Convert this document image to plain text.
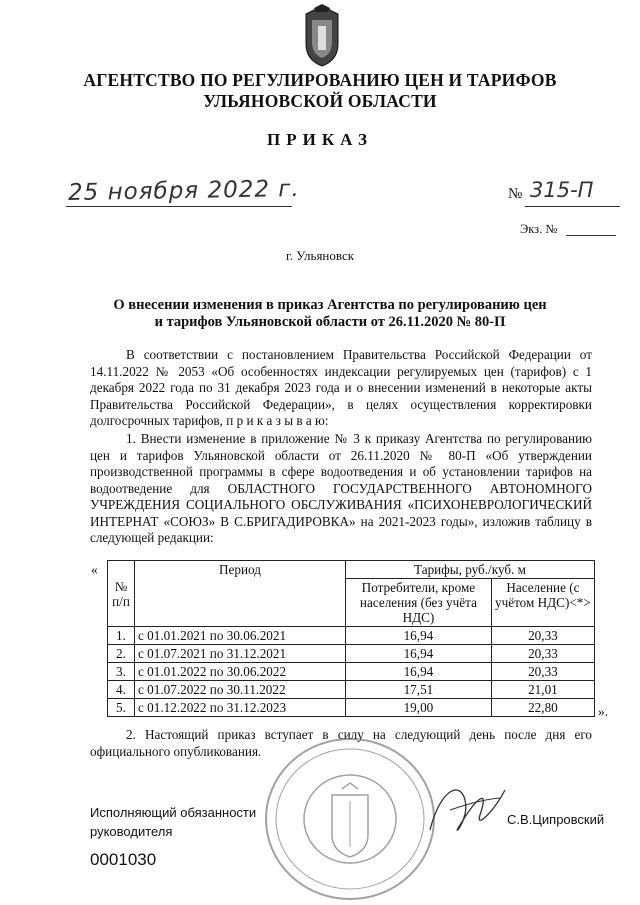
АГЕНТСТВО ПО РЕГУЛИРОВАНИЮ ЦЕН И ТАРИФОВ
УЛЬЯНОВСКОЙ ОБЛАСТИ
ПРИКАЗ
25 ноября 2022 г.	№ 315-П
Экз. №
г. Ульяновск
О внесении изменения в приказ Агентства по регулированию цен
и тарифов Ульяновской области от 26.11.2020 № 80-П
В соответствии с постановлением Правительства Российской Федерации от 14.11.2022 № 2053 «Об особенностях индексации регулируемых цен (тарифов) с 1 декабря 2022 года по 31 декабря 2023 года и о внесении изменений в некоторые акты Правительства Российской Федерации», в целях осуществления корректировки долгосрочных тарифов, п р и к а з ы в а ю:
1. Внести изменение в приложение № 3 к приказу Агентства по регулированию цен и тарифов Ульяновской области от 26.11.2020 № 80-П «Об утверждении производственной программы в сфере водоотведения и об установлении тарифов на водоотведение для ОБЛАСТНОГО ГОСУДАРСТВЕННОГО АВТОНОМНОГО УЧРЕЖДЕНИЯ СОЦИАЛЬНОГО ОБСЛУЖИВАНИЯ «ПСИХОНЕВРОЛОГИЧЕСКИЙ ИНТЕРНАТ «СОЮЗ» В С.БРИГАДИРОВКА» на 2021-2023 годы», изложив таблицу в следующей редакции:
«
№ п/п	Период	Тарифы, руб./куб. м	
		Потребители, кроме населения (без учёта НДС)	Население (с учётом НДС)<*>
1.	с 01.01.2021 по 30.06.2021	16,94	20,33
2.	с 01.07.2021 по 31.12.2021	16,94	20,33
3.	с 01.01.2022 по 30.06.2022	16,94	20,33
4.	с 01.07.2022 по 30.11.2022	17,51	21,01
5.	с 01.12.2022 по 31.12.2023	19,00	22,80	».
2. Настоящий приказ вступает в силу на следующий день после дня его официального опубликования.
Исполняющий обязанности
руководителя
С.В.Ципровский
0001030
